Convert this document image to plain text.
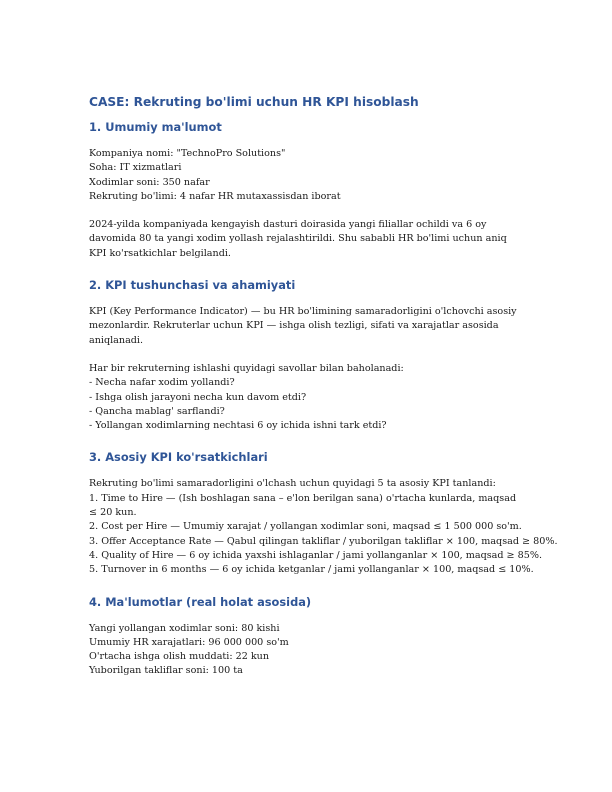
CASE: Rekruting bo'limi uchun HR KPI hisoblash
1. Umumiy ma'lumot
Kompaniya nomi: "TechnoPro Solutions"
Soha: IT xizmatlari
Xodimlar soni: 350 nafar
Rekruting bo'limi: 4 nafar HR mutaxassisdan iborat

2024-yilda kompaniyada kengayish dasturi doirasida yangi filiallar ochildi va 6 oy davomida 80 ta yangi xodim yollash rejalashtirildi. Shu sababli HR bo'limi uchun aniq KPI ko'rsatkichlar belgilandi.

2. KPI tushunchasi va ahamiyati

KPI (Key Performance Indicator) — bu HR bo'limining samaradorligini o'lchovchi asosiy mezonlardir. Rekruterlar uchun KPI — ishga olish tezligi, sifati va xarajatlar asosida aniqlanadi.

Har bir rekruterning ishlashi quyidagi savollar bilan baholanadi:

- Necha nafar xodim yollandi?
- Ishga olish jarayoni necha kun davom etdi?
- Qancha mablag' sarflandi?
- Yollangan xodimlarning nechtasi 6 oy ichida ishni tark etdi?
3. Asosiy KPI ko'rsatkichlari

Rekruting bo'limi samaradorligini o'lchash uchun quyidagi 5 ta asosiy KPI tanlandi:

1. Time to Hire — (Ish boshlagan sana – e'lon berilgan sana) o'rtacha kunlarda, maqsad ≤ 20 kun.
2. Cost per Hire — Umumiy xarajat / yollangan xodimlar soni, maqsad ≤ 1 500 000 so'm.
3. Offer Acceptance Rate — Qabul qilingan takliflar / yuborilgan takliflar × 100, maqsad ≥ 80%.
4. Quality of Hire — 6 oy ichida yaxshi ishlaganlar / jami yollanganlar × 100, maqsad ≥ 85%.
5. Turnover in 6 months — 6 oy ichida ketganlar / jami yollanganlar × 100, maqsad ≤ 10%.
4. Ma'lumotlar (real holat asosida)
Yangi yollangan xodimlar soni: 80 kishi
Umumiy HR xarajatlari: 96 000 000 so'm
O'rtacha ishga olish muddati: 22 kun
Yuborilgan takliflar soni: 100 ta
